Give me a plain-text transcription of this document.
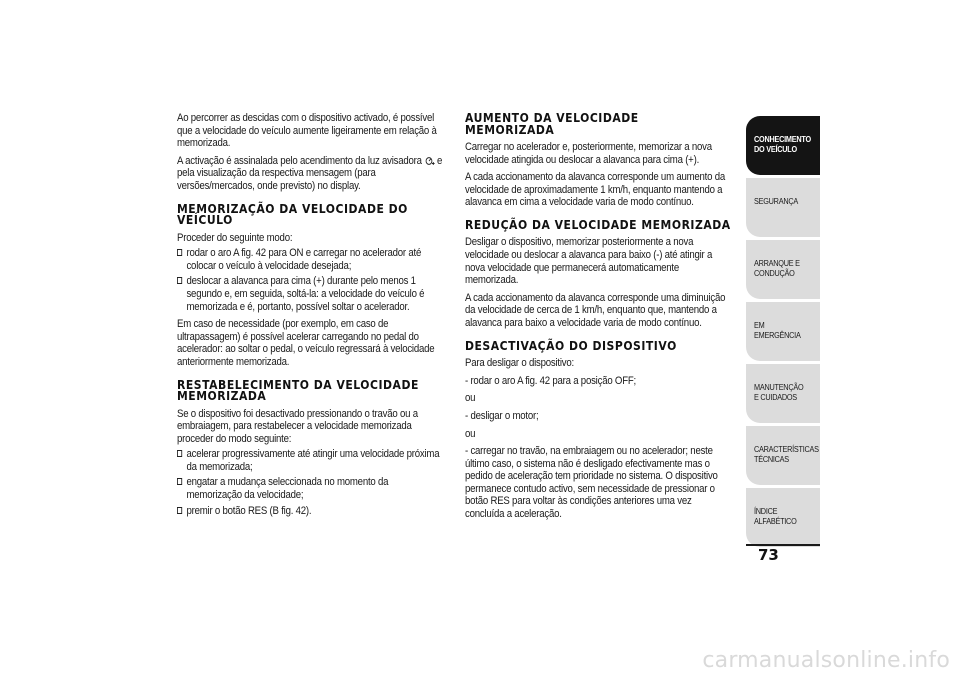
Ao percorrer as descidas com o dispositivo activado, é possível que a velocidade do veículo aumente ligeiramente em relação à memorizada.

A activação é assinalada pelo acendimento da luz avisadora e pela visualização da respectiva mensagem (para versões/mercados, onde previsto) no display.

MEMORIZAÇÃO DA VELOCIDADE DO VEÍCULO

Proceder do seguinte modo:

rodar o aro A fig. 42 para ON e carregar no acelerador até colocar o veículo à velocidade desejada;
deslocar a alavanca para cima (+) durante pelo menos 1 segundo e, em seguida, soltá-la: a velocidade do veículo é memorizada e é, portanto, possível soltar o acelerador.

Em caso de necessidade (por exemplo, em caso de ultrapassagem) é possível acelerar carregando no pedal do acelerador: ao soltar o pedal, o veículo regressará à velocidade anteriormente memorizada.

RESTABELECIMENTO DA VELOCIDADE MEMORIZADA

Se o dispositivo foi desactivado pressionando o travão ou a embraiagem, para restabelecer a velocidade memorizada proceder do modo seguinte:

acelerar progressivamente até atingir uma velocidade próxima da memorizada;
engatar a mudança seleccionada no momento da memorização da velocidade;
premir o botão RES (B fig. 42).
AUMENTO DA VELOCIDADE MEMORIZADA

Carregar no acelerador e, posteriormente, memorizar a nova velocidade atingida ou deslocar a alavanca para cima (+).

A cada accionamento da alavanca corresponde um aumento da velocidade de aproximadamente 1 km/h, enquanto mantendo a alavanca em cima a velocidade varia de modo contínuo.

REDUÇÃO DA VELOCIDADE MEMORIZADA

Desligar o dispositivo, memorizar posteriormente a nova velocidade ou deslocar a alavanca para baixo (-) até atingir a nova velocidade que permanecerá automaticamente memorizada.

A cada accionamento da alavanca corresponde uma diminuição da velocidade de cerca de 1 km/h, enquanto que, mantendo a alavanca para baixo a velocidade varia de modo contínuo.

DESACTIVAÇÃO DO DISPOSITIVO

Para desligar o dispositivo:

- rodar o aro A fig. 42 para a posição OFF;

ou

- desligar o motor;

ou

- carregar no travão, na embraiagem ou no acelerador; neste último caso, o sistema não é desligado efectivamente mas o pedido de aceleração tem prioridade no sistema. O dispositivo permanece contudo activo, sem necessidade de pressionar o botão RES para voltar às condições anteriores uma vez concluída a aceleração.

CONHECIMENTO DO VEÍCULO
SEGURANÇA
ARRANQUE E CONDUÇÃO
EM EMERGÊNCIA
MANUTENÇÃO E CUIDADOS
CARACTERÍSTICAS TÉCNICAS
ÍNDICE ALFABÉTICO
73
carmanualsonline.info
